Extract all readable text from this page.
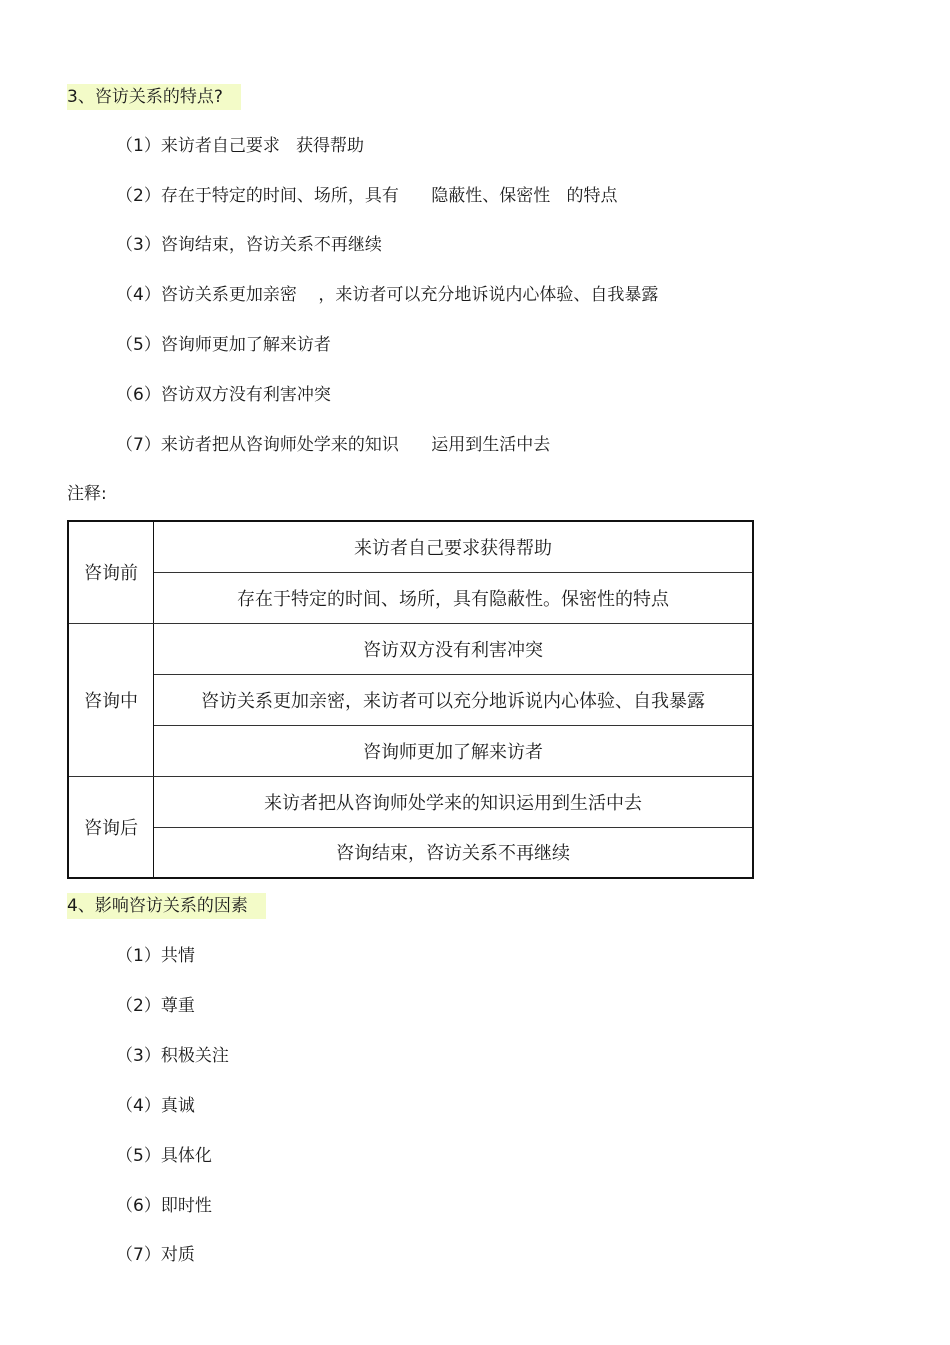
3、咨访关系的特点?
（1）来访者自己要求   获得帮助
（2）存在于特定的时间、场所，具有      隐蔽性、保密性   的特点
（3）咨询结束，咨访关系不再继续
（4）咨访关系更加亲密    ，来访者可以充分地诉说内心体验、自我暴露
（5）咨询师更加了解来访者
（6）咨访双方没有利害冲突
（7）来访者把从咨询师处学来的知识      运用到生活中去
注释:
咨询前	来访者自己要求获得帮助
	存在于特定的时间、场所，具有隐蔽性。保密性的特点
咨询中	咨访双方没有利害冲突
	咨访关系更加亲密，来访者可以充分地诉说内心体验、自我暴露
	咨询师更加了解来访者
咨询后	来访者把从咨询师处学来的知识运用到生活中去
	咨询结束，咨访关系不再继续
4、影响咨访关系的因素
（1）共情
（2）尊重
（3）积极关注
（4）真诚
（5）具体化
（6）即时性
（7）对质
